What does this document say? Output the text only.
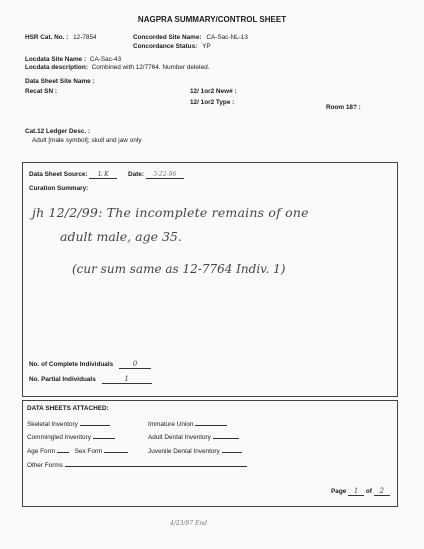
NAGPRA SUMMARY/CONTROL SHEET
HSR Cat. No. : 12-7854	Concorded Site Name: CA-Sac-NL-13
Concordance Status: YP
Locdata Site Name : CA-Sac-43
Locdata description: Combined with 12/7764. Number deleted.
Data Sheet Site Name :
Recat SN :	12/ 1or2 New# :
12/ 1or2 Type :
Room 18? :
Cat.12 Ledger Desc. :
Adult [male symbol]; skull and jaw only
Data Sheet Source: L K	Date: 3-22-96
Curation Summary:
jh 12/2/99: The incomplete remains of one
adult male, age 35.
(cur sum same as 12-7764 Indiv. 1)
No. of Complete Individuals	0
No. Partial Individuals	1
DATA SHEETS ATTACHED:
Skeletal Inventory	Immature Union
Commingled Inventory	Adult Dental Inventory
Age Form	Sex Form	Juvenile Dental Inventory
Other Forms
Page 1 of 2
4/23/97 End
